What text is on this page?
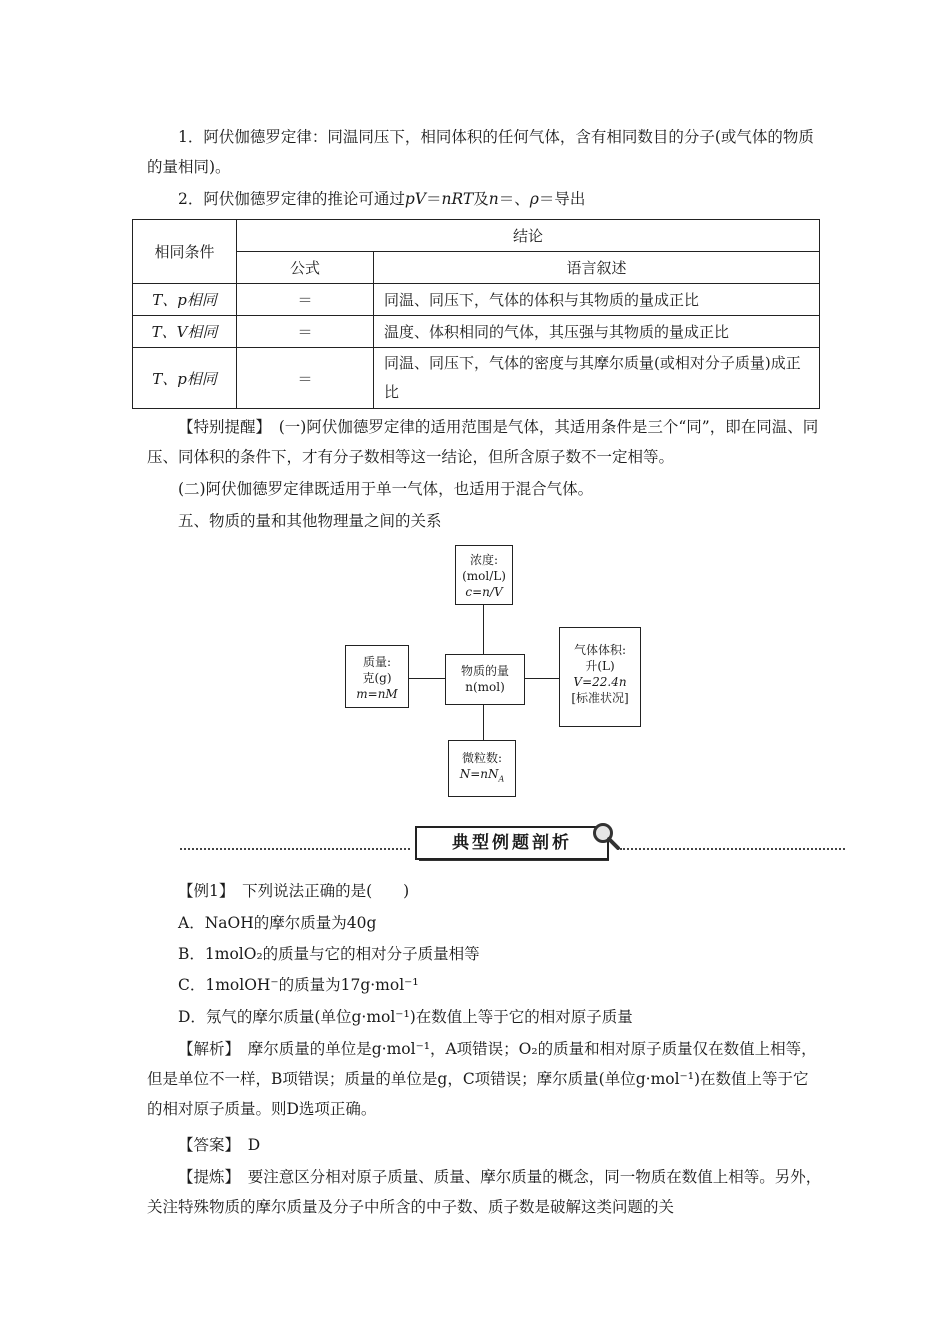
1．阿伏伽德罗定律：同温同压下，相同体积的任何气体，含有相同数目的分子(或气体的物质的量相同)。

2．阿伏伽德罗定律的推论可通过pV＝nRT及n＝、ρ＝导出

相同条件	结论	
	公式	语言叙述
T、p相同	＝	同温、同压下，气体的体积与其物质的量成正比
T、V相同	＝	温度、体积相同的气体，其压强与其物质的量成正比
T、p相同	＝	同温、同压下，气体的密度与其摩尔质量(或相对分子质量)成正比

【特别提醒】　(一)阿伏伽德罗定律的适用范围是气体，其适用条件是三个“同”，即在同温、同压、同体积的条件下，才有分子数相等这一结论，但所含原子数不一定相等。

(二)阿伏伽德罗定律既适用于单一气体，也适用于混合气体。

五、物质的量和其他物理量之间的关系

浓度:
(mol/L)
c=n/V
物质的量
n(mol)
质量:
克(g)
m=nM
气体体积:
升(L)
V=22.4n
[标准状况]
微粒数:
$N=nN_A$
典型例题剖析

【例1】　下列说法正确的是(　　)

A．NaOH的摩尔质量为40g

B．1molO₂的质量与它的相对分子质量相等

C．1molOH⁻的质量为17g·mol⁻¹

D．氖气的摩尔质量(单位g·mol⁻¹)在数值上等于它的相对原子质量

【解析】　摩尔质量的单位是g·mol⁻¹，A项错误；O₂的质量和相对原子质量仅在数值上相等，但是单位不一样，B项错误；质量的单位是g，C项错误；摩尔质量(单位g·mol⁻¹)在数值上等于它的相对原子质量。则D选项正确。

【答案】　D

【提炼】　要注意区分相对原子质量、质量、摩尔质量的概念，同一物质在数值上相等。另外，关注特殊物质的摩尔质量及分子中所含的中子数、质子数是破解这类问题的关
